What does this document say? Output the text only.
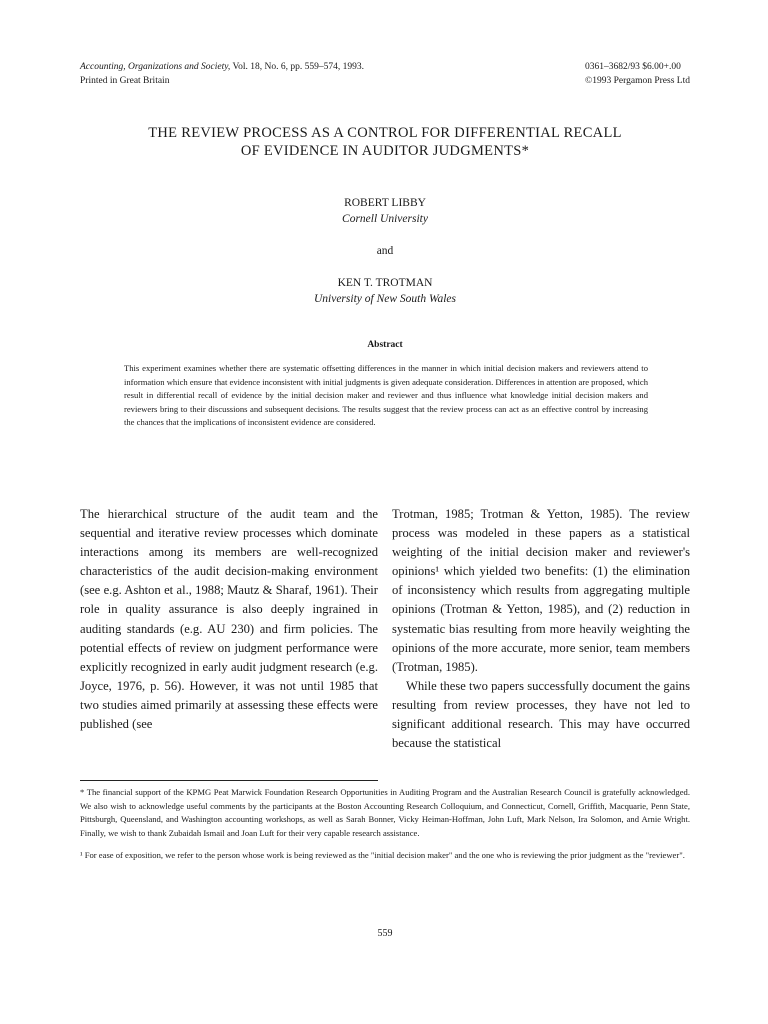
Accounting, Organizations and Society, Vol. 18, No. 6, pp. 559–574, 1993.
Printed in Great Britain
0361–3682/93 $6.00+.00
©1993 Pergamon Press Ltd
THE REVIEW PROCESS AS A CONTROL FOR DIFFERENTIAL RECALL
OF EVIDENCE IN AUDITOR JUDGMENTS*
ROBERT LIBBY
Cornell University
and
KEN T. TROTMAN
University of New South Wales
Abstract
This experiment examines whether there are systematic offsetting differences in the manner in which initial decision makers and reviewers attend to information which ensure that evidence inconsistent with initial judgments is given adequate consideration. Differences in attention are proposed, which result in differential recall of evidence by the initial decision maker and reviewer and thus influence what knowledge initial decision makers and reviewers bring to their discussions and subsequent decisions. The results suggest that the review process can act as an effective control by increasing the chances that the implications of inconsistent evidence are considered.

The hierarchical structure of the audit team and the sequential and iterative review processes which dominate interactions among its members are well-recognized characteristics of the audit decision-making environment (see e.g. Ashton et al., 1988; Mautz & Sharaf, 1961). Their role in quality assurance is also deeply ingrained in auditing standards (e.g. AU 230) and firm policies. The potential effects of review on judgment performance were explicitly recognized in early audit judgment research (e.g. Joyce, 1976, p. 56). However, it was not until 1985 that two studies aimed primarily at assessing these effects were published (see

Trotman, 1985; Trotman & Yetton, 1985). The review process was modeled in these papers as a statistical weighting of the initial decision maker and reviewer's opinions¹ which yielded two benefits: (1) the elimination of inconsistency which results from aggregating multiple opinions (Trotman & Yetton, 1985), and (2) reduction in systematic bias resulting from more heavily weighting the opinions of the more accurate, more senior, team members (Trotman, 1985).

While these two papers successfully document the gains resulting from review processes, they have not led to significant additional research. This may have occurred because the statistical

* The financial support of the KPMG Peat Marwick Foundation Research Opportunities in Auditing Program and the Australian Research Council is gratefully acknowledged. We also wish to acknowledge useful comments by the participants at the Boston Accounting Research Colloquium, and Connecticut, Cornell, Griffith, Macquarie, Penn State, Pittsburgh, Queensland, and Washington accounting workshops, as well as Sarah Bonner, Vicky Heiman-Hoffman, John Luft, Mark Nelson, Ira Solomon, and Arnie Wright. Finally, we wish to thank Zubaidah Ismail and Joan Luft for their very capable research assistance.

¹ For ease of exposition, we refer to the person whose work is being reviewed as the "initial decision maker" and the one who is reviewing the prior judgment as the "reviewer".

559
